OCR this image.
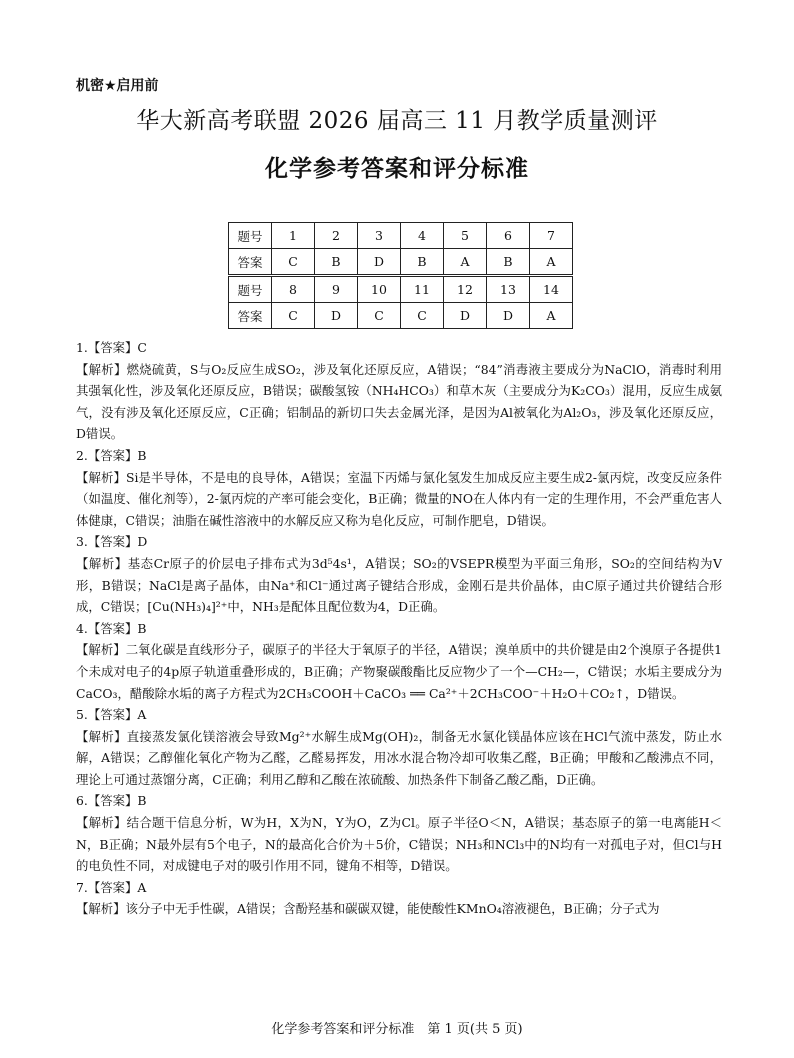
机密★启用前
华大新高考联盟 2026 届高三 11 月教学质量测评
化学参考答案和评分标准
题号	1	2	3	4	5	6	7
答案	C	B	D	B	A	B	A
题号	8	9	10	11	12	13	14
答案	C	D	C	C	D	D	A

1.【答案】C

【解析】燃烧硫黄，S与O₂反应生成SO₂，涉及氧化还原反应，A错误；“84”消毒液主要成分为NaClO，消毒时利用其强氧化性，涉及氧化还原反应，B错误；碳酸氢铵（NH₄HCO₃）和草木灰（主要成分为K₂CO₃）混用，反应生成氨气，没有涉及氧化还原反应，C正确；铝制品的新切口失去金属光泽，是因为Al被氧化为Al₂O₃，涉及氧化还原反应，D错误。

2.【答案】B

【解析】Si是半导体，不是电的良导体，A错误；室温下丙烯与氯化氢发生加成反应主要生成2-氯丙烷，改变反应条件（如温度、催化剂等），2-氯丙烷的产率可能会变化，B正确；微量的NO在人体内有一定的生理作用，不会严重危害人体健康，C错误；油脂在碱性溶液中的水解反应又称为皂化反应，可制作肥皂，D错误。

3.【答案】D

【解析】基态Cr原子的价层电子排布式为3d⁵4s¹，A错误；SO₂的VSEPR模型为平面三角形，SO₂的空间结构为V形，B错误；NaCl是离子晶体，由Na⁺和Cl⁻通过离子键结合形成，金刚石是共价晶体，由C原子通过共价键结合形成，C错误；[Cu(NH₃)₄]²⁺中，NH₃是配体且配位数为4，D正确。

4.【答案】B

【解析】二氧化碳是直线形分子，碳原子的半径大于氧原子的半径，A错误；溴单质中的共价键是由2个溴原子各提供1个未成对电子的4p原子轨道重叠形成的，B正确；产物聚碳酸酯比反应物少了一个—CH₂—，C错误；水垢主要成分为CaCO₃，醋酸除水垢的离子方程式为2CH₃COOH＋CaCO₃ ══ Ca²⁺＋2CH₃COO⁻＋H₂O＋CO₂↑，D错误。

5.【答案】A

【解析】直接蒸发氯化镁溶液会导致Mg²⁺水解生成Mg(OH)₂，制备无水氯化镁晶体应该在HCl气流中蒸发，防止水解，A错误；乙醇催化氧化产物为乙醛，乙醛易挥发，用冰水混合物冷却可收集乙醛，B正确；甲酸和乙酸沸点不同，理论上可通过蒸馏分离，C正确；利用乙醇和乙酸在浓硫酸、加热条件下制备乙酸乙酯，D正确。

6.【答案】B

【解析】结合题干信息分析，W为H，X为N，Y为O，Z为Cl。原子半径O＜N，A错误；基态原子的第一电离能H＜N，B正确；N最外层有5个电子，N的最高化合价为＋5价，C错误；NH₃和NCl₃中的N均有一对孤电子对，但Cl与H的电负性不同，对成键电子对的吸引作用不同，键角不相等，D错误。

7.【答案】A

【解析】该分子中无手性碳，A错误；含酚羟基和碳碳双键，能使酸性KMnO₄溶液褪色，B正确；分子式为

化学参考答案和评分标准　第 1 页(共 5 页)
